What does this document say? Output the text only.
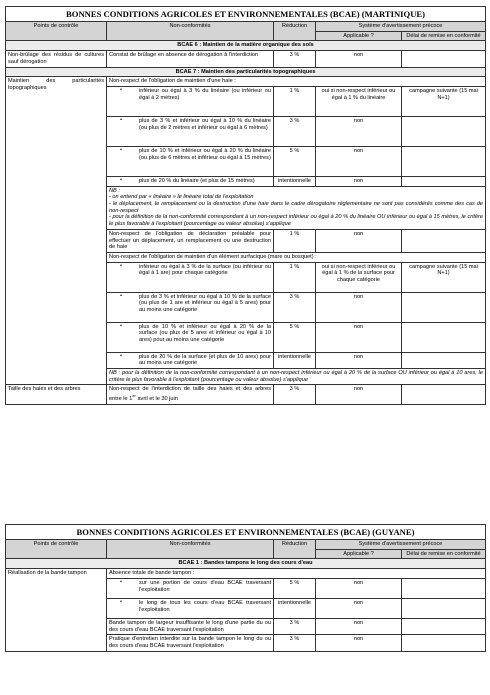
BONNES CONDITIONS AGRICOLES ET ENVIRONNEMENTALES (BCAE) (MARTINIQUE)				
Points de contrôle	Non-conformités	Réduction	Système d'avertissement précoce	
			Applicable ?	Délai de remise en conformité
BCAE 6 : Maintien de la matière organique des sols				
Non-brûlage des résidus de cultures sauf dérogation	Constat de brûlage en absence de dérogation à l'interdiction	3 %	non	
BCAE 7 : Maintien des particularités topographiques				
Maintien des particularités topographiques	Non-respect de l'obligation de maintien d'une haie :			

	• inférieur ou égal à 3 % du linéaire (ou inférieur ou égal à 2 mètres)	1 %	oui si non-respect inférieur ou égal à 1 % du linéaire	campagne suivante (15 mai N+1)

	• plus de 3 % et inférieur ou égal à 10 % du linéaire (ou plus de 2 mètres et inférieur ou égal à 6 mètres)	3 %	non	

	• plus de 10 % et inférieur ou égal à 20 % du linéaire (ou plus de 6 mètres et inférieur ou égal à 15 mètres)	5 %	non	

	• plus de 20 % du linéaire (et plus de 15 mètres)	intentionnelle	non	

	NB :
- on entend par « linéaire » le linéaire total de l'exploitation
- le déplacement, le remplacement ou la destruction d'une haie dans le cadre dérogatoire réglementaire ne sont pas considérés comme des cas de non-respect
- pour la définition de la non-conformité correspondant à un non-respect inférieur ou égal à 20 % du linéaire OU inférieur ou égal à 15 mètres, le critère le plus favorable à l'exploitant (pourcentage ou valeur absolue) s'applique			

	Non-respect de l'obligation de déclaration préalable pour effectuer un déplacement, un remplacement ou une destruction de haie	1 %	non	
	Non-respect de l'obligation de maintien d'un élément surfacique (mare ou bosquet) :			

	• inférieur ou égal à 3 % de la surface (ou inférieur ou égal à 1 are) pour chaque catégorie	1 %	oui si non-respect inférieur ou égal à 1 % de la surface pour chaque catégorie	campagne suivante (15 mai N+1)

	• plus de 3 % et inférieur ou égal à 10 % de la surface (ou plus de 1 are et inférieur ou égal à 5 ares) pour au moins une catégorie	3 %	non	

	• plus de 10 % et inférieur ou égal à 20 % de la surface (ou plus de 5 ares et inférieur ou égal à 10 ares) pour au moins une catégorie	5 %	non	

	• plus de 20 % de la surface (et plus de 10 ares) pour au moins une catégorie	intentionnelle	non	
	NB : pour la définition de la non-conformité correspondant à un non-respect inférieur ou égal à 20 % de la surface OU inférieur ou égal à 10 ares, le critère le plus favorable à l'exploitant (pourcentage ou valeur absolue) s'applique			
Taille des haies et des arbres	Non-respect de l'interdiction de taille des haies et des arbres entre le 1er avril et le 30 juin	3 %	non	
BONNES CONDITIONS AGRICOLES ET ENVIRONNEMENTALES (BCAE) (GUYANE)				
Points de contrôle	Non-conformités	Réduction	Système d'avertissement précoce	
			Applicable ?	Délai de remise en conformité
BCAE 1 : Bandes tampons le long des cours d'eau				
Réalisation de la bande tampon	Absence totale de bande tampon :			

	• sur une portion de cours d'eau BCAE traversant l'exploitation	5 %	non	

	• le long de tous les cours d'eau BCAE traversant l'exploitation	intentionnelle	non	
	Bande tampon de largeur insuffisante le long d'une partie du ou des cours d'eau BCAE traversant l'exploitation	3 %	non	
	Pratique d'entretien interdite sur la bande tampon le long du ou des cours d'eau BCAE traversant l'exploitation	3 %	non	
